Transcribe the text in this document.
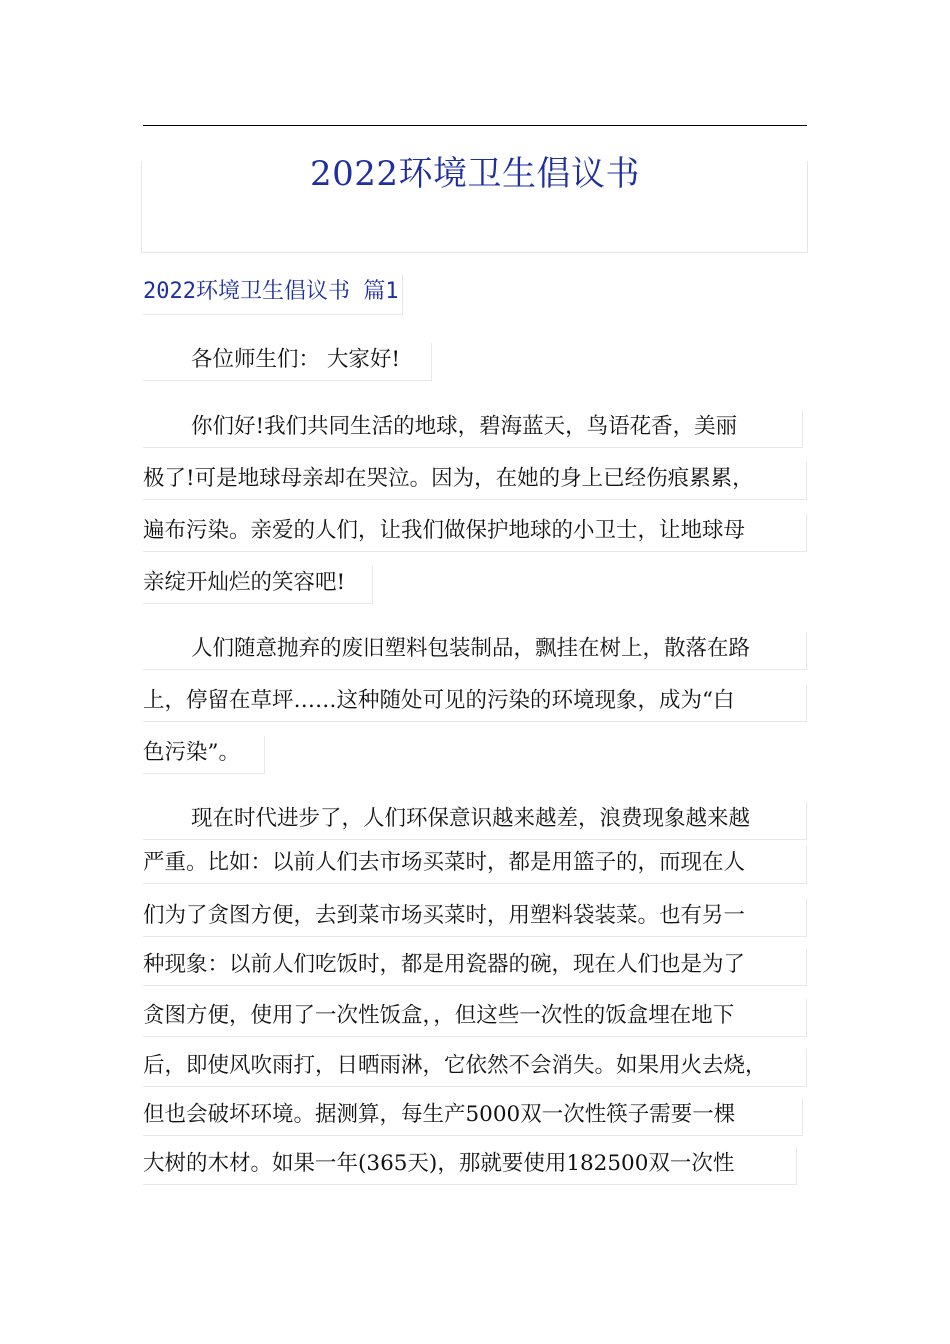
2022环境卫生倡议书
2022环境卫生倡议书 篇1
各位师生们： 大家好!
你们好!我们共同生活的地球，碧海蓝天，鸟语花香，美丽
极了!可是地球母亲却在哭泣。因为，在她的身上已经伤痕累累，
遍布污染。亲爱的人们，让我们做保护地球的小卫士，让地球母
亲绽开灿烂的笑容吧!
人们随意抛弃的废旧塑料包装制品，飘挂在树上，散落在路
上，停留在草坪……这种随处可见的污染的环境现象，成为“白
色污染”。
现在时代进步了，人们环保意识越来越差，浪费现象越来越
严重。比如：以前人们去市场买菜时，都是用篮子的，而现在人
们为了贪图方便，去到菜市场买菜时，用塑料袋装菜。也有另一
种现象：以前人们吃饭时，都是用瓷器的碗，现在人们也是为了
贪图方便，使用了一次性饭盒，，但这些一次性的饭盒埋在地下
后，即使风吹雨打，日晒雨淋，它依然不会消失。如果用火去烧，
但也会破坏环境。据测算，每生产5000双一次性筷子需要一棵
大树的木材。如果一年(365天)，那就要使用182500双一次性
